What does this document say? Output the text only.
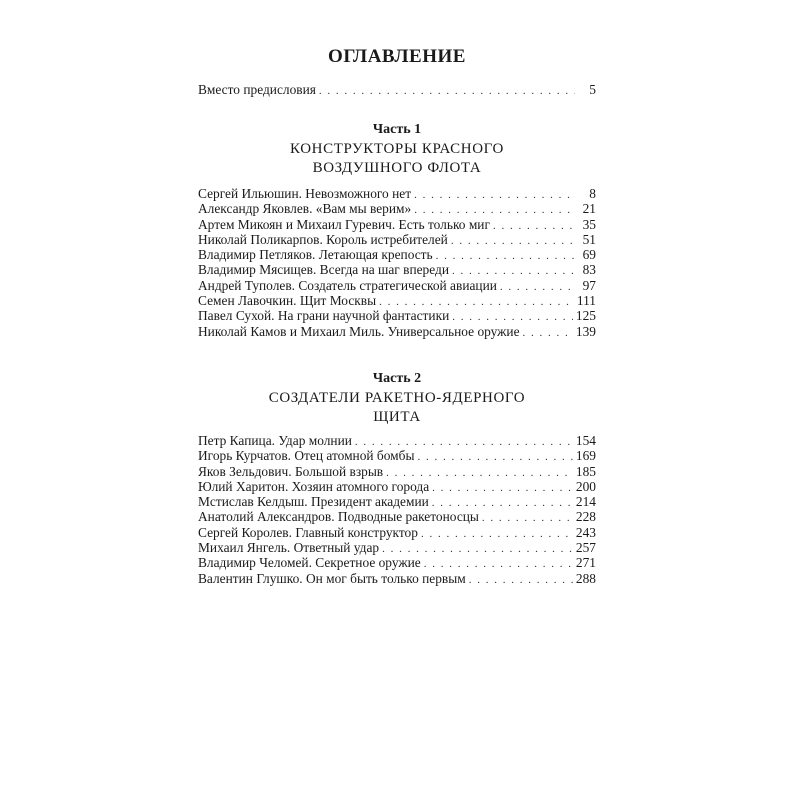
ОГЛАВЛЕНИЕ
Вместо предисловия . . .	5
Часть 1
КОНСТРУКТОРЫ КРАСНОГО
ВОЗДУШНОГО ФЛОТА
Сергей Ильюшин. Невозможного нет . . .	8
Александр Яковлев. «Вам мы верим» . . .	21
Артем Микоян и Михаил Гуревич. Есть только миг . . .	35
Николай Поликарпов. Король истребителей . . .	51
Владимир Петляков. Летающая крепость . . .	69
Владимир Мясищев. Всегда на шаг впереди . . .	83
Андрей Туполев. Создатель стратегической авиации . . .	97
Семен Лавочкин. Щит Москвы . . .	111
Павел Сухой. На грани научной фантастики . . .	125
Николай Камов и Михаил Миль. Универсальное оружие . . .	139
Часть 2
СОЗДАТЕЛИ РАКЕТНО-ЯДЕРНОГО
ЩИТА
Петр Капица. Удар молнии . . .	154
Игорь Курчатов. Отец атомной бомбы . . .	169
Яков Зельдович. Большой взрыв . . .	185
Юлий Харитон. Хозяин атомного города . . .	200
Мстислав Келдыш. Президент академии . . .	214
Анатолий Александров. Подводные ракетоносцы . . .	228
Сергей Королев. Главный конструктор . . .	243
Михаил Янгель. Ответный удар . . .	257
Владимир Челомей. Секретное оружие . . .	271
Валентин Глушко. Он мог быть только первым . . .	288
